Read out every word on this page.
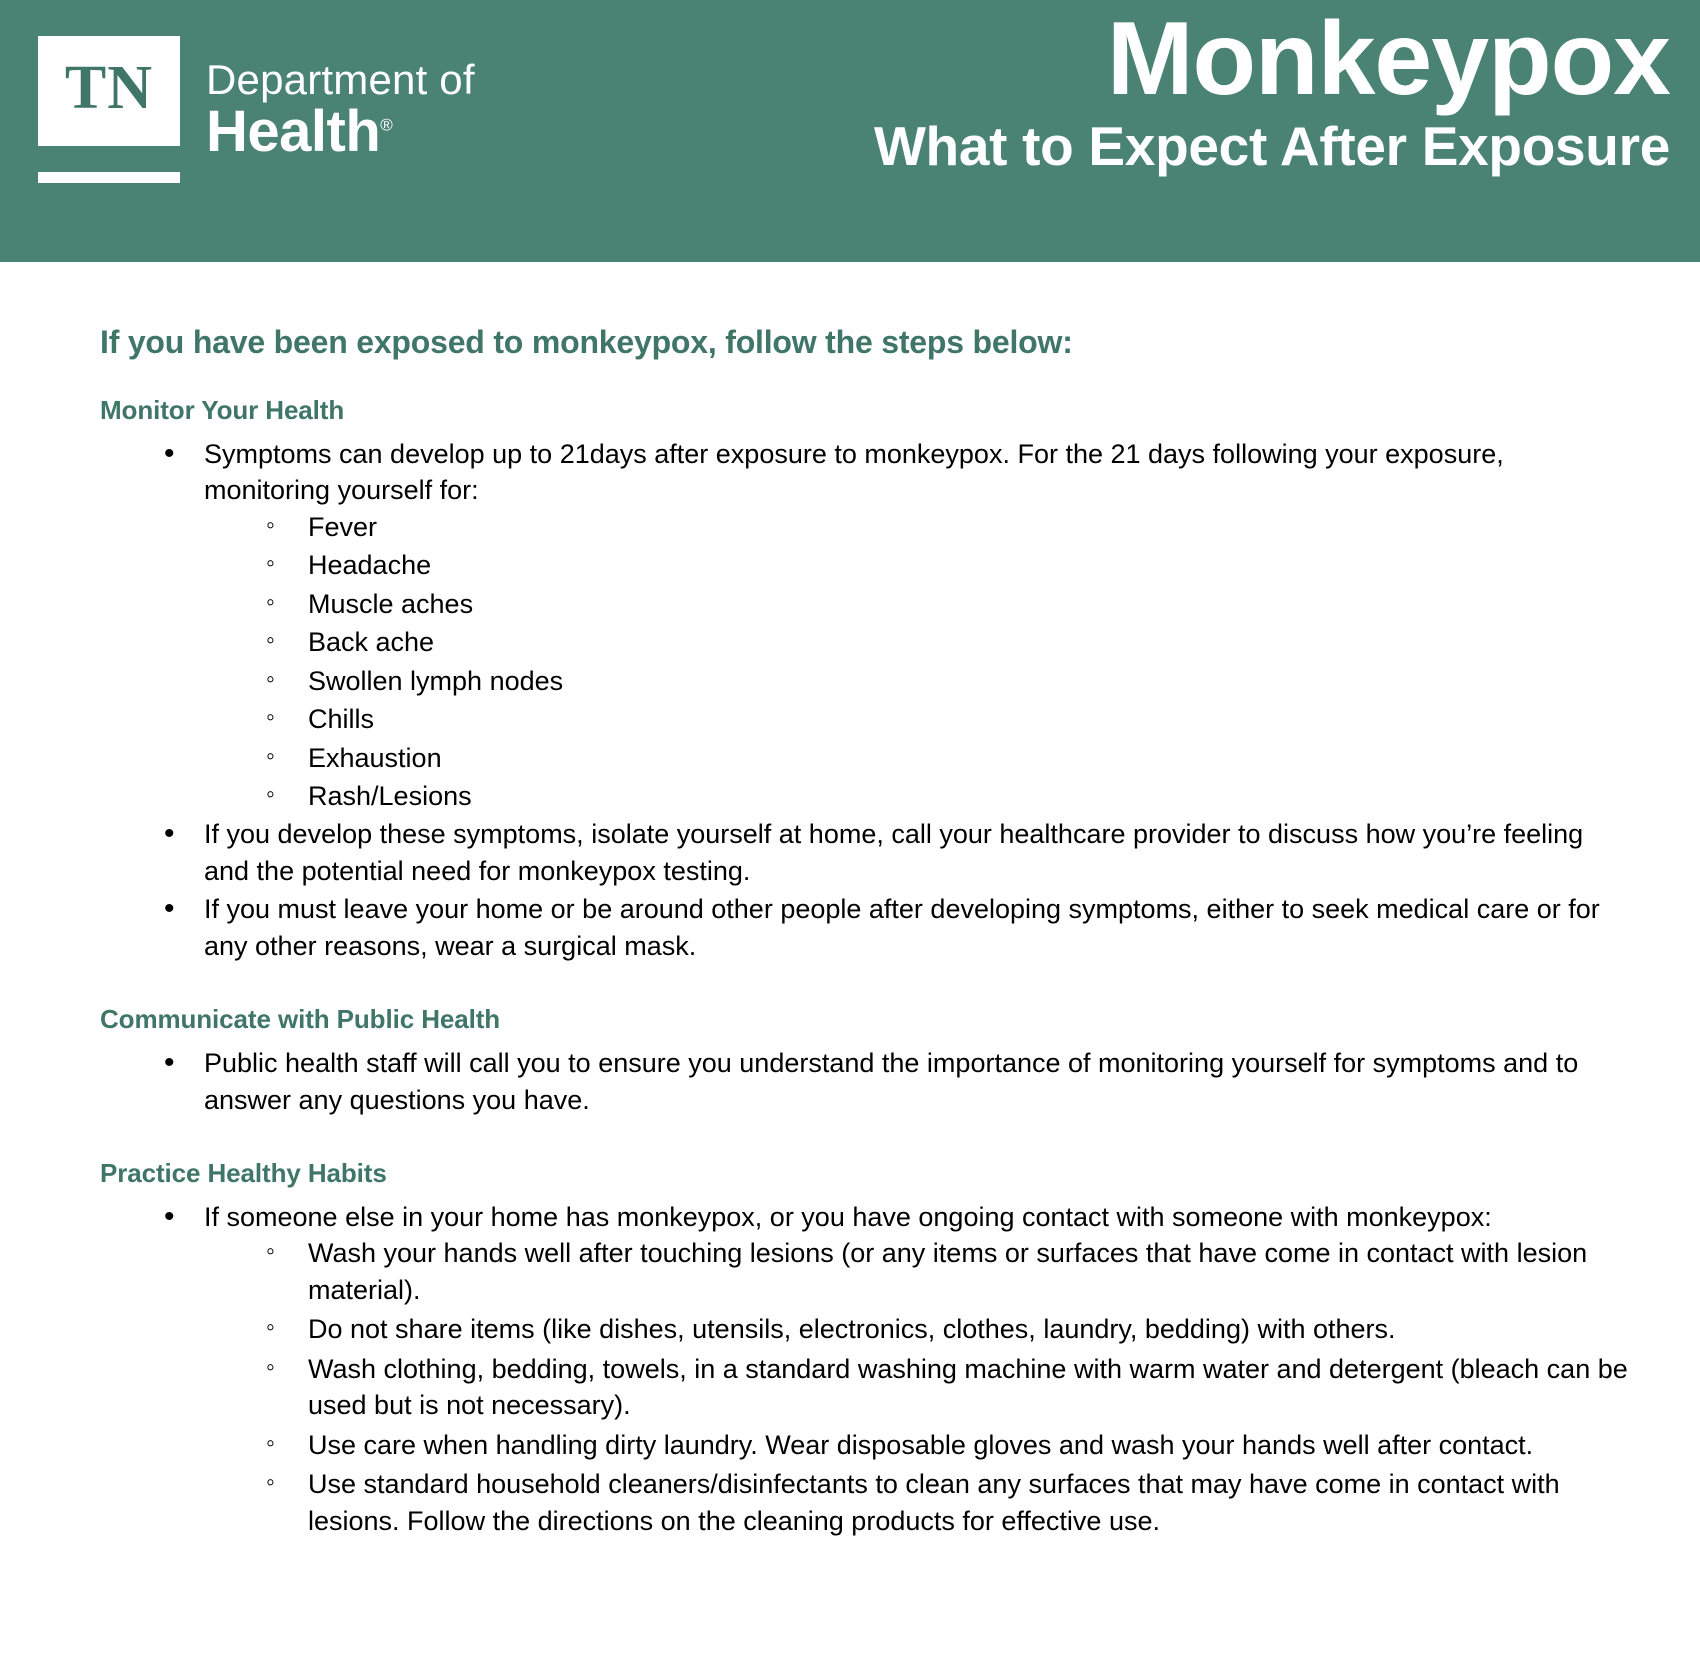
TN Department of
Health®
Monkeypox
What to Expect After Exposure
If you have been exposed to monkeypox, follow the steps below:
Monitor Your Health
• Symptoms can develop up to 21days after exposure to monkeypox. For the 21 days following your exposure, monitoring yourself for:
◦ Fever
◦ Headache
◦ Muscle aches
◦ Back ache
◦ Swollen lymph nodes
◦ Chills
◦ Exhaustion
◦ Rash/Lesions
• If you develop these symptoms, isolate yourself at home, call your healthcare provider to discuss how you’re feeling and the potential need for monkeypox testing.
• If you must leave your home or be around other people after developing symptoms, either to seek medical care or for any other reasons, wear a surgical mask.
Communicate with Public Health
• Public health staff will call you to ensure you understand the importance of monitoring yourself for symptoms and to answer any questions you have.
Practice Healthy Habits
• If someone else in your home has monkeypox, or you have ongoing contact with someone with monkeypox:
◦ Wash your hands well after touching lesions (or any items or surfaces that have come in contact with lesion material).
◦ Do not share items (like dishes, utensils, electronics, clothes, laundry, bedding) with others.
◦ Wash clothing, bedding, towels, in a standard washing machine with warm water and detergent (bleach can be used but is not necessary).
◦ Use care when handling dirty laundry. Wear disposable gloves and wash your hands well after contact.
◦ Use standard household cleaners/disinfectants to clean any surfaces that may have come in contact with lesions. Follow the directions on the cleaning products for effective use.
